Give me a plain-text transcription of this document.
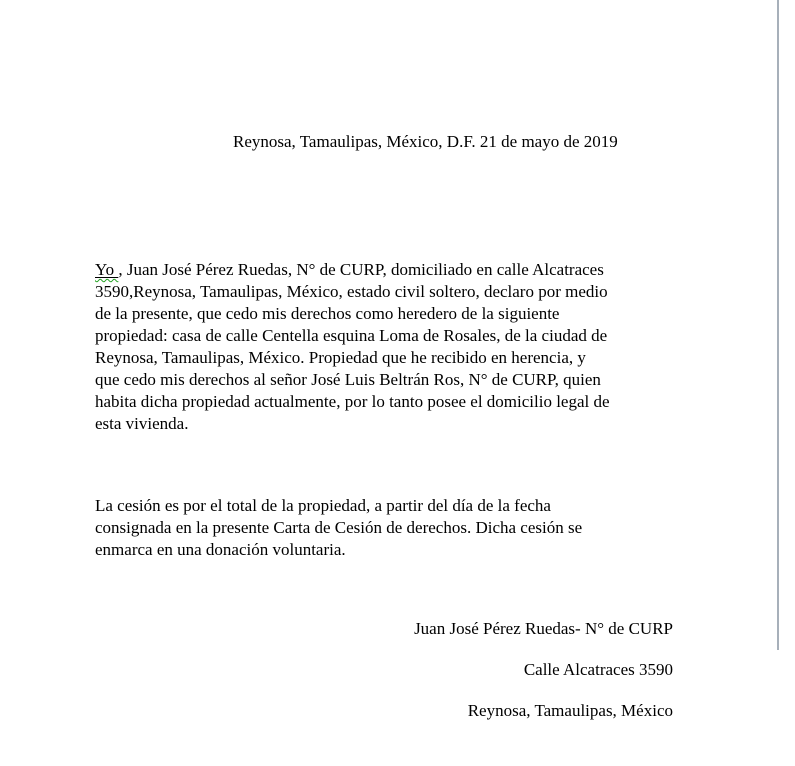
Reynosa, Tamaulipas, México, D.F. 21 de mayo de 2019

Yo , Juan José Pérez Ruedas, N° de CURP, domiciliado en calle Alcatraces
3590,Reynosa, Tamaulipas, México, estado civil soltero, declaro por medio
de la presente, que cedo mis derechos como heredero de la siguiente
propiedad: casa de calle Centella esquina Loma de Rosales, de la ciudad de
Reynosa, Tamaulipas, México. Propiedad que he recibido en herencia, y
que cedo mis derechos al señor José Luis Beltrán Ros, N° de CURP, quien
habita dicha propiedad actualmente, por lo tanto posee el domicilio legal de
esta vivienda.

La cesión es por el total de la propiedad, a partir del día de la fecha
consignada en la presente Carta de Cesión de derechos. Dicha cesión se
enmarca en una donación voluntaria.

Juan José Pérez Ruedas- N° de CURP
Calle Alcatraces 3590
Reynosa, Tamaulipas, México
